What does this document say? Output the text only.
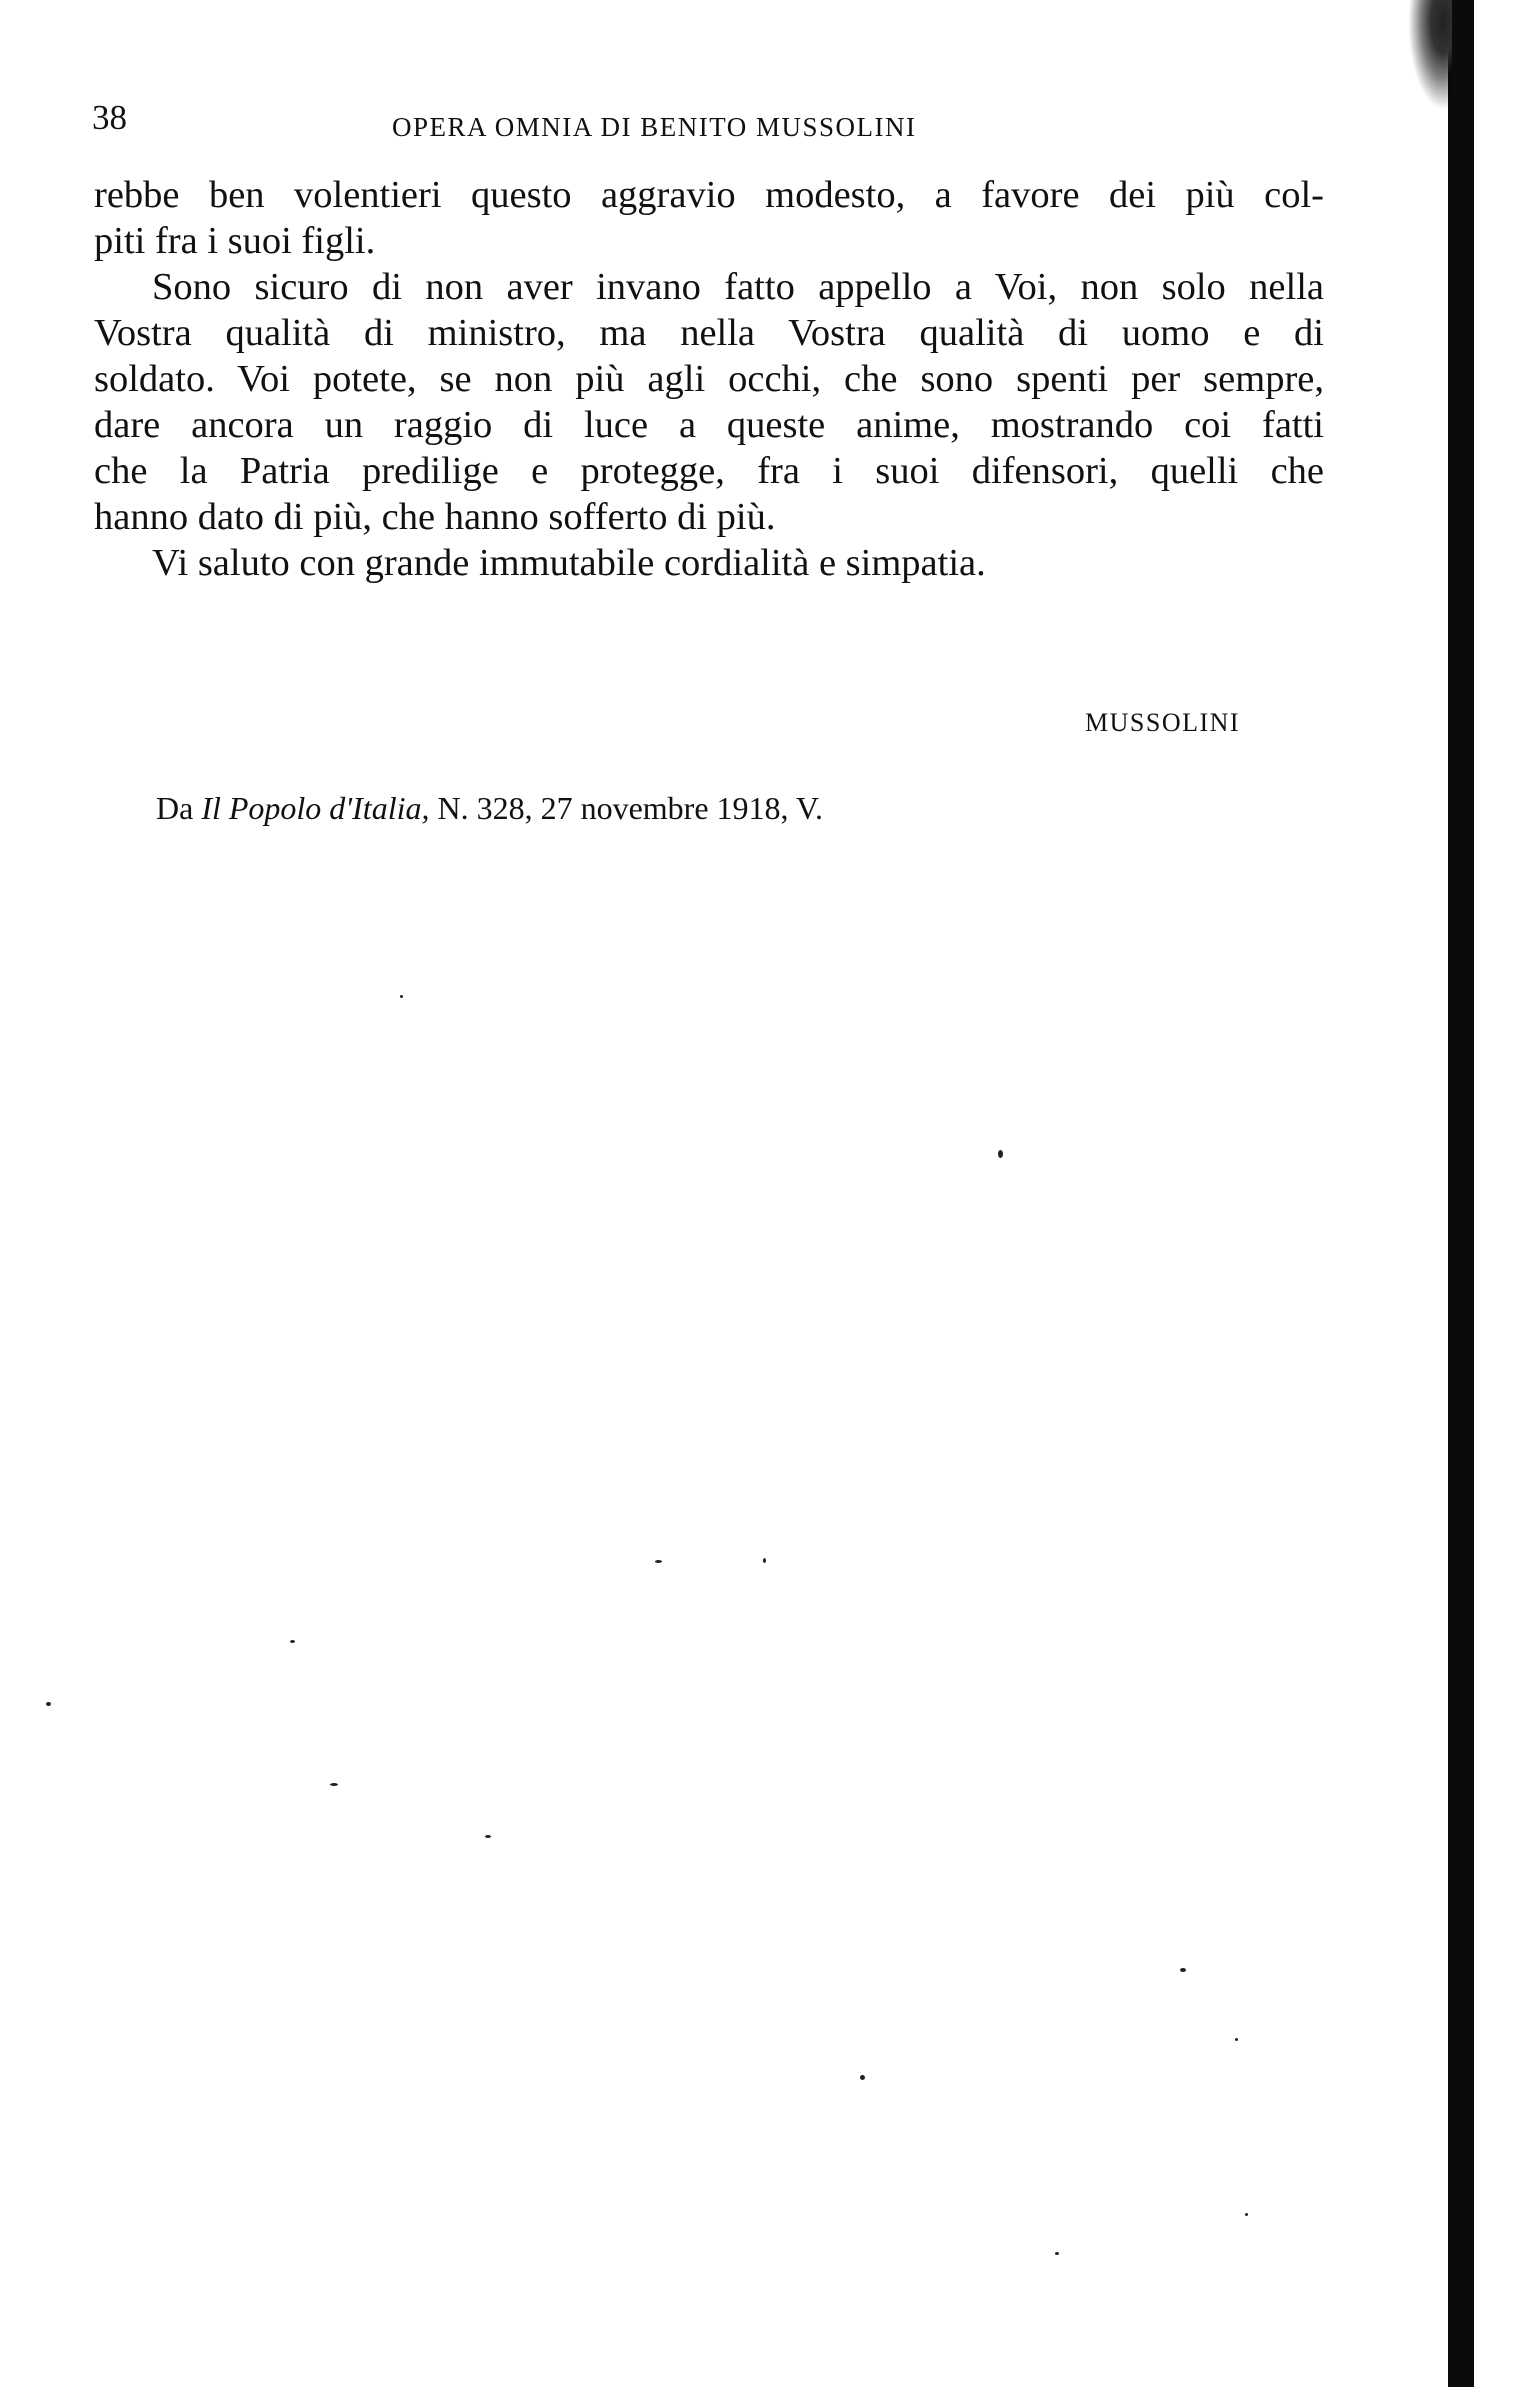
38	OPERA OMNIA DI BENITO MUSSOLINI
rebbe ben volentieri questo aggravio modesto, a favore dei più col-
piti fra i suoi figli.
Sono sicuro di non aver invano fatto appello a Voi, non solo nella
Vostra qualità di ministro, ma nella Vostra qualità di uomo e di
soldato. Voi potete, se non più agli occhi, che sono spenti per sempre,
dare ancora un raggio di luce a queste anime, mostrando coi fatti
che la Patria predilige e protegge, fra i suoi difensori, quelli che
hanno dato di più, che hanno sofferto di più.
Vi saluto con grande immutabile cordialità e simpatia.
MUSSOLINI
Da Il Popolo d'Italia, N. 328, 27 novembre 1918, V.
